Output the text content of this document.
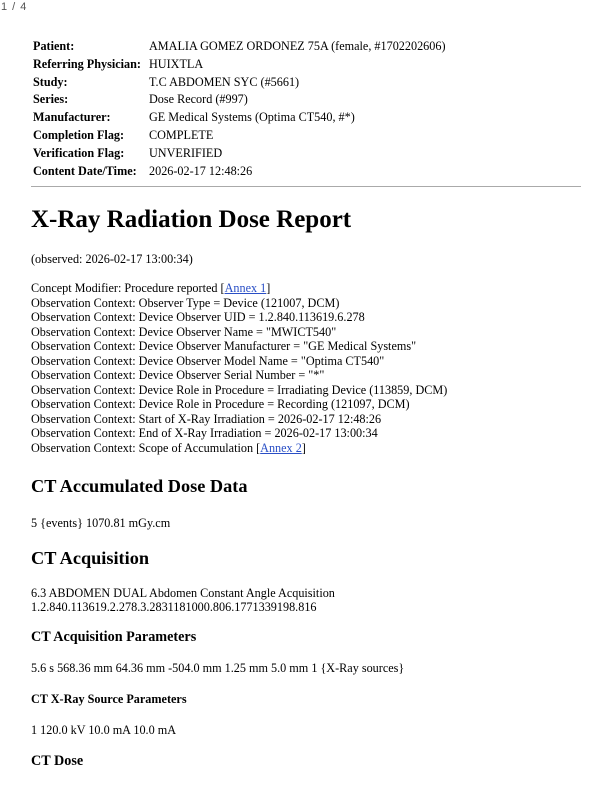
1 / 4
Patient:	AMALIA GOMEZ ORDONEZ 75A (female, #1702202606)
Referring Physician:	HUIXTLA
Study:	T.C ABDOMEN SYC (#5661)
Series:	Dose Record (#997)
Manufacturer:	GE Medical Systems (Optima CT540, #*)
Completion Flag:	COMPLETE
Verification Flag:	UNVERIFIED
Content Date/Time:	2026-02-17 12:48:26
X-Ray Radiation Dose Report
(observed: 2026-02-17 13:00:34)
Concept Modifier: Procedure reported [Annex 1]
Observation Context: Observer Type = Device (121007, DCM)
Observation Context: Device Observer UID = 1.2.840.113619.6.278
Observation Context: Device Observer Name = "MWICT540"
Observation Context: Device Observer Manufacturer = "GE Medical Systems"
Observation Context: Device Observer Model Name = "Optima CT540"
Observation Context: Device Observer Serial Number = "*"
Observation Context: Device Role in Procedure = Irradiating Device (113859, DCM)
Observation Context: Device Role in Procedure = Recording (121097, DCM)
Observation Context: Start of X-Ray Irradiation = 2026-02-17 12:48:26
Observation Context: End of X-Ray Irradiation = 2026-02-17 13:00:34
Observation Context: Scope of Accumulation [Annex 2]
CT Accumulated Dose Data
5 {events} 1070.81 mGy.cm
CT Acquisition
6.3 ABDOMEN DUAL Abdomen Constant Angle Acquisition
1.2.840.113619.2.278.3.2831181000.806.1771339198.816
CT Acquisition Parameters
5.6 s 568.36 mm 64.36 mm -504.0 mm 1.25 mm 5.0 mm 1 {X-Ray sources}
CT X-Ray Source Parameters
1 120.0 kV 10.0 mA 10.0 mA
CT Dose
